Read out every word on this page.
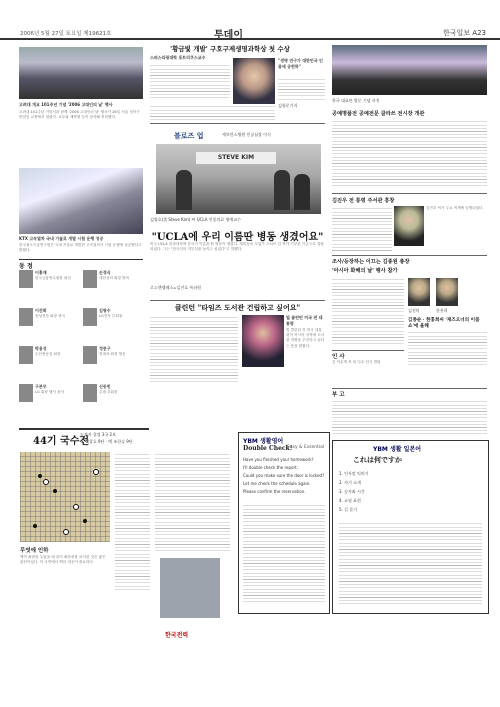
2006년 5월 27일 토요일 제19621호	투데이	한국일보 A23
고려대 개교 101주년 기념 '2006 고대인의 날' 행사
고려대 101주년 기념식과 함께 '2006 고대인의 날' 행사가 26일 서울 성북구 안암동 교정에서 열렸다. 교우와 재학생 등이 참석해 축하했다.
KTX 고속열차 국내 기술로 개발 시험 운행 성공
한국철도기술연구원은 국내 기술로 개발한 고속열차가 시험 운행에 성공했다고 밝혔다.
동 정
이홍재
한국금융연수원장 취임
손경식
대한상의 회장 방미
이건희
삼성전자 회장 귀국
김쌍수
LG전자 부회장
박용성
두산중공업 회장
정몽구
현대차 회장 방문
구본무
LG 회장 행사 참석
신동빈
롯데 부회장
'황금빛 개발' 구호구제생명과학상 첫 수상
스퍼스라링대학 포트리쿠스교수
"생명 연구가 대한민국 인류에 공헌하"
김형준기자
블로즈 업	세브란스병원 인공심장 이식
STEVE KIM
김영호(美 Steve Kim) 씨 UCLA 인종의료 명예교수
"UCLA에 우리 이름딴 병동 생겼어요"
미국 UCLA 의과대학에 한국인 이름을 딴 병동이 생겼다. 재미동포 사업가 스티브 김 씨가 기부한 기금으로 설립되었다. 그는 "한국인의 자부심을 높이고 싶었다"고 말했다.
로스앤젤레스=김진호 특파원
클린턴 "타임즈 도서관 건립하고 싶어요"
빌 클린턴 미국 전 대통령
빌 클린턴 전 미국 대통령이 아시아 지역에 도서관 건립을 추진하고 싶다는 뜻을 밝혔다.
한국 대표단 방문 기념 사진
공예명품전 공예전문 클라쓰 전시장 개관
김진우 전 통령 주서관 흥창
김진우 씨가 주요 직책에 임명되었다.
조사/등장하는 이끄는 김종원 총장
'아시아 화해의 날' 행사 참가
김선미	한홍희
김종순 · 한홍희씨 '재즈오너의 이품쇼'에 올해
인 사
김 아무개 씨 외 다수 인사 발령
부 고
44기 국수전
도전자 결정 3국 2보
흑 이창호 9단 · 백 조한승 9단
무엇에 인하
백이 좌변을 두었을 때 흑이 좌하귀를 차지한 것은 좋은 판단이었다. 이 국면에서 백의 대응이 중요하다.
한국전력
YBM 생활영어
Double Check!
Easy & Essential
Have you finished your homework?
I'll double check the report.
Could you make sure the door is locked?
Let me check the schedule again.
Please confirm the reservation.
YBM 생활 일본어
これは何ですか
1. 인사말 익히기
2. 자기 소개
3. 숫자와 시간
4. 쇼핑 표현
5. 길 묻기
